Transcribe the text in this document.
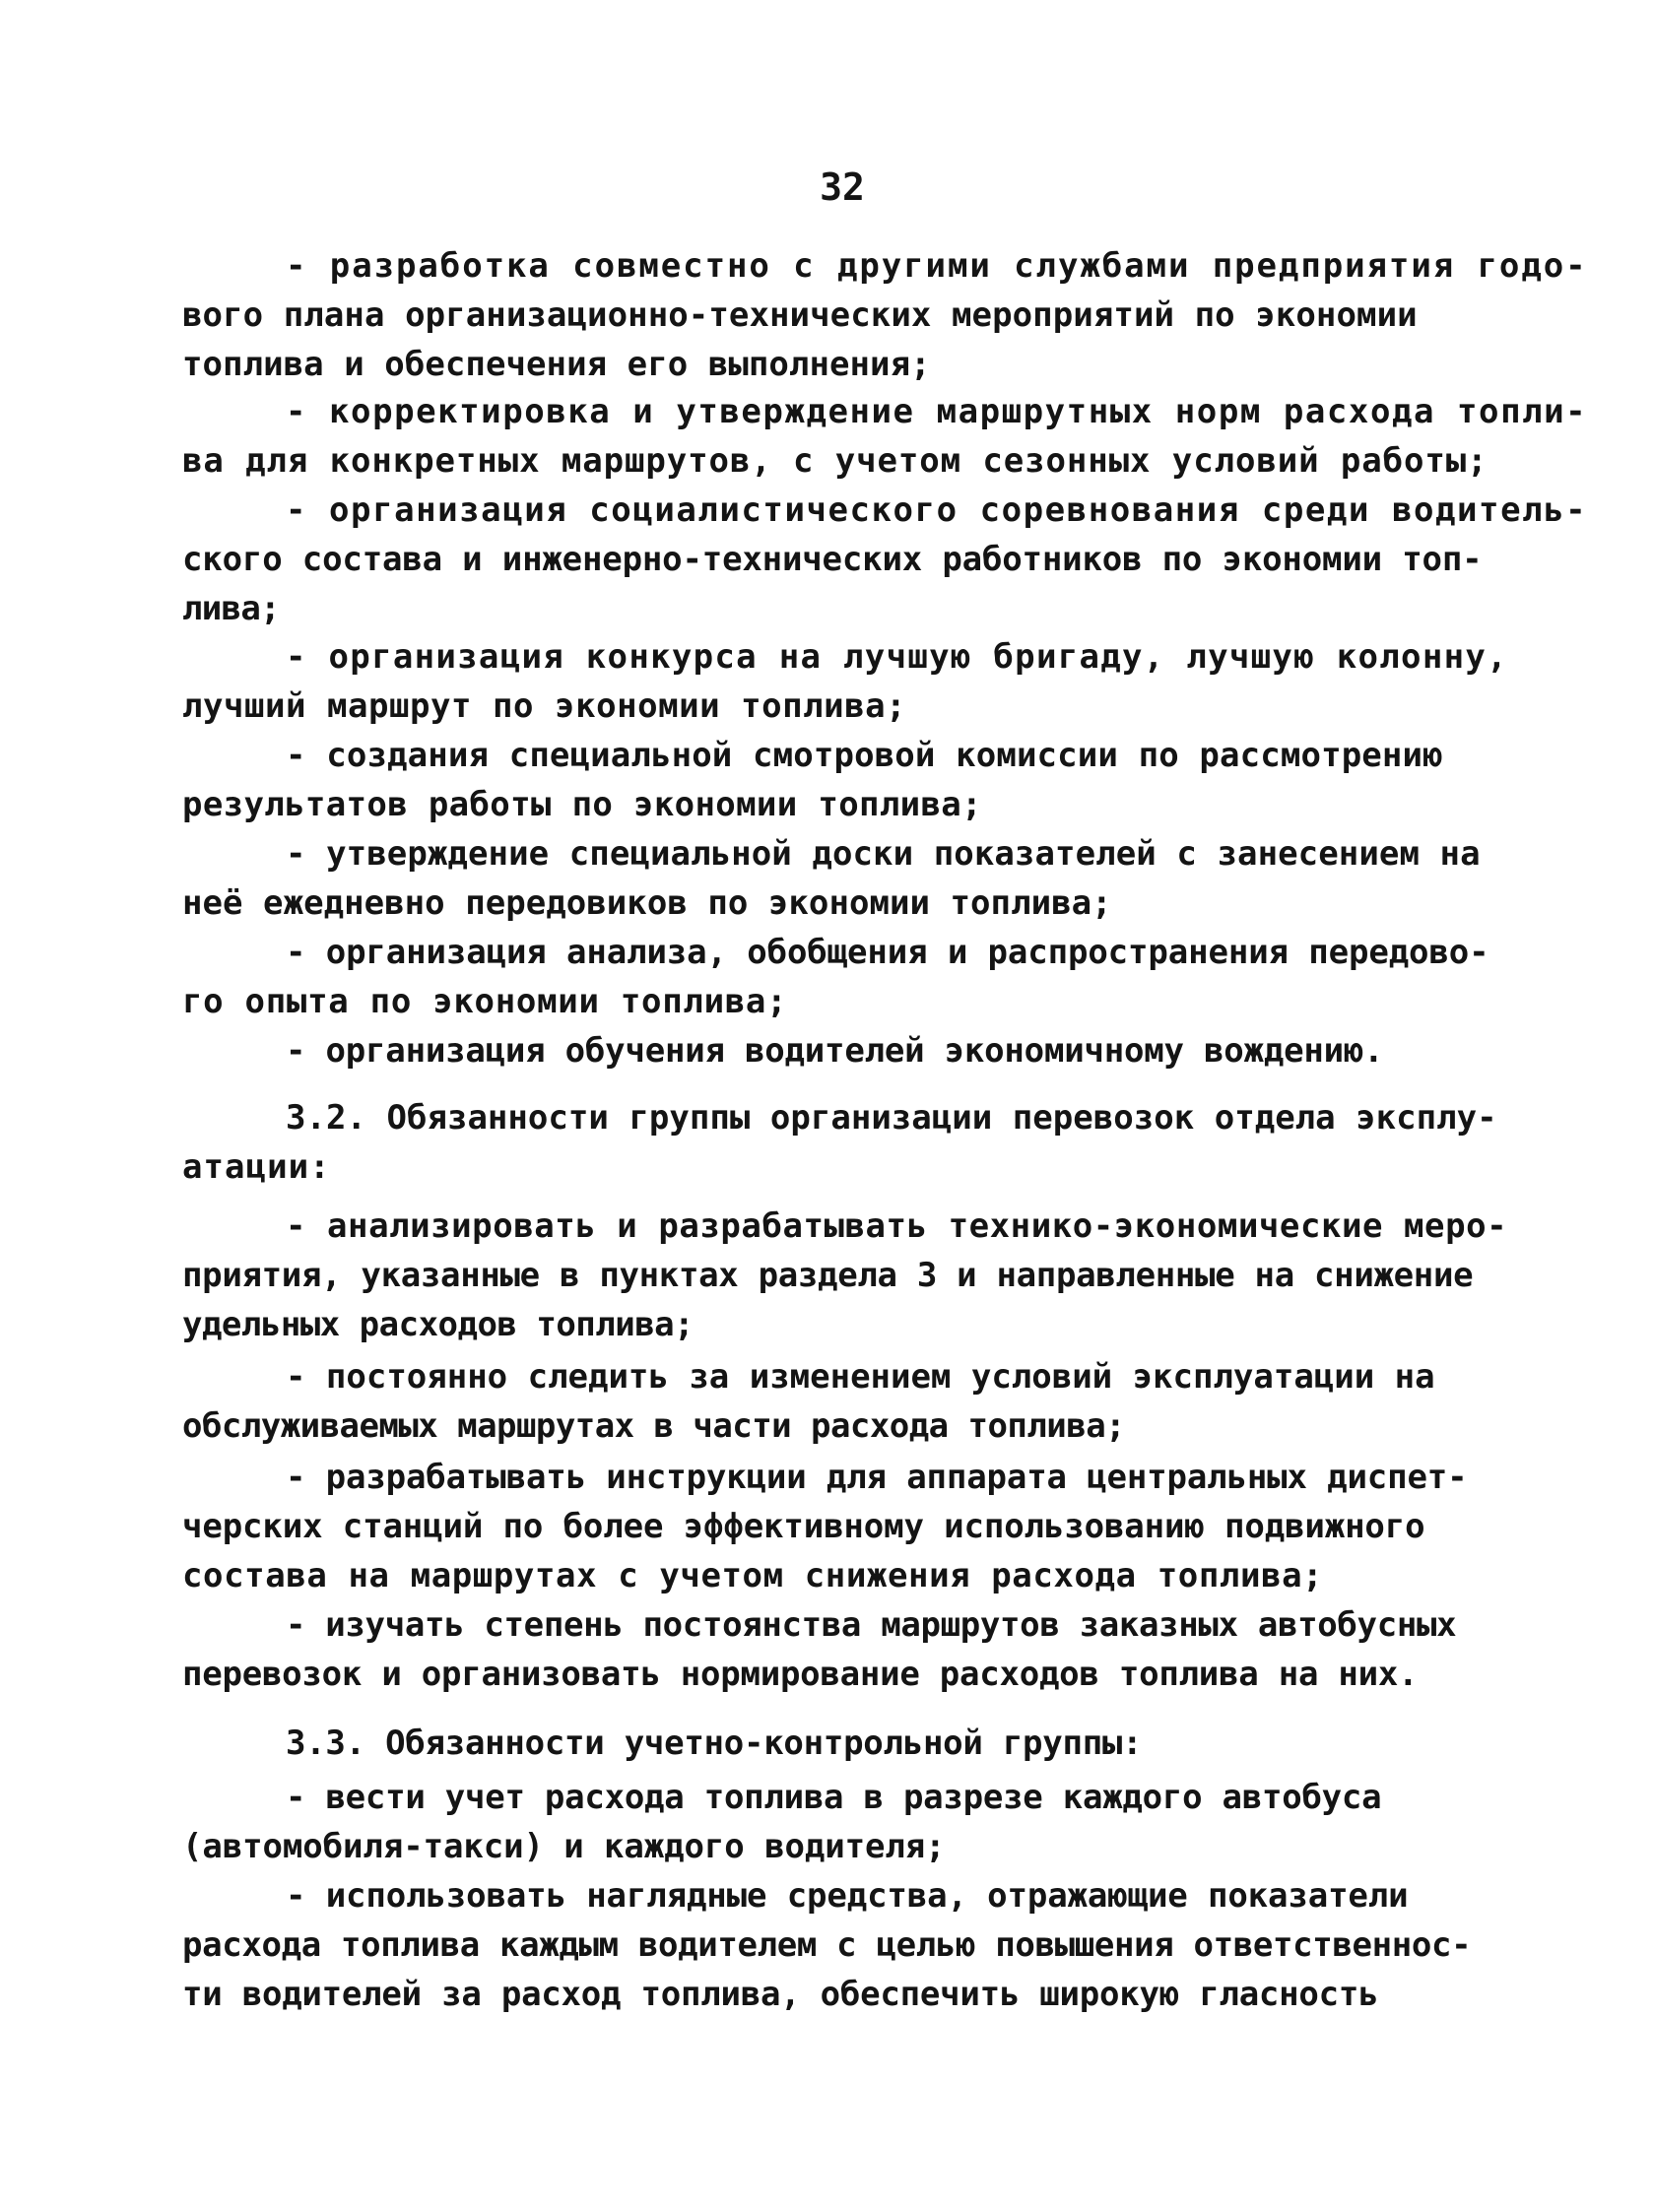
32
- разработка совместно с другими службами предприятия годо-
вого плана организационно-технических мероприятий по экономии
топлива и обеспечения его выполнения;
- корректировка и утверждение маршрутных норм расхода топли-
ва для конкретных маршрутов, с учетом сезонных условий работы;
- организация социалистического соревнования среди водитель-
ского состава и инженерно-технических работников по экономии топ-
лива;
- организация конкурса на лучшую бригаду, лучшую колонну,
лучший маршрут по экономии топлива;
- создания специальной смотровой комиссии по рассмотрению
результатов работы по экономии топлива;
- утверждение специальной доски показателей с занесением на
неё ежедневно передовиков по экономии топлива;
- организация анализа, обобщения и распространения передово-
го опыта по экономии топлива;
- организация обучения водителей экономичному вождению.
3.2. Обязанности группы организации перевозок отдела эксплу-
атации:
- анализировать и разрабатывать технико-экономические меро-
приятия, указанные в пунктах раздела 3 и направленные на снижение
удельных расходов топлива;
- постоянно следить за изменением условий эксплуатации на
обслуживаемых маршрутах в части расхода топлива;
- разрабатывать инструкции для аппарата центральных диспет-
черских станций по более эффективному использованию подвижного
состава на маршрутах с учетом снижения расхода топлива;
- изучать степень постоянства маршрутов заказных автобусных
перевозок и организовать нормирование расходов топлива на них.
3.3. Обязанности учетно-контрольной группы:
- вести учет расхода топлива в разрезе каждого автобуса
(автомобиля-такси) и каждого водителя;
- использовать наглядные средства, отражающие показатели
расхода топлива каждым водителем с целью повышения ответственнос-
ти водителей за расход топлива, обеспечить широкую гласность
